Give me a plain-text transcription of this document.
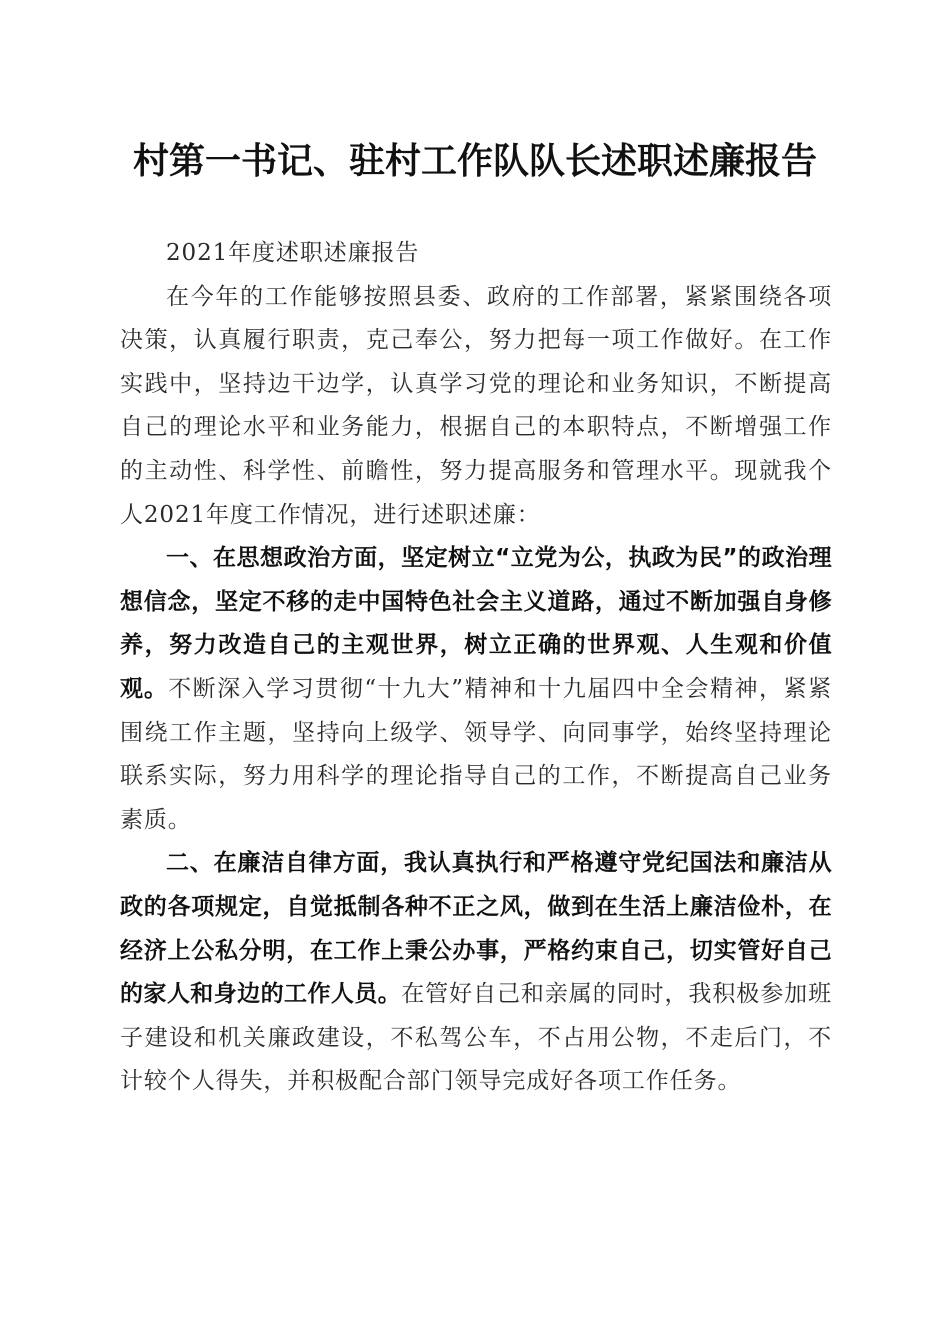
村第一书记、驻村工作队队长述职述廉报告

2021年度述职述廉报告

在今年的工作能够按照县委、政府的工作部署，紧紧围绕各项决策，认真履行职责，克己奉公，努力把每一项工作做好。在工作实践中，坚持边干边学，认真学习党的理论和业务知识，不断提高自己的理论水平和业务能力，根据自己的本职特点，不断增强工作的主动性、科学性、前瞻性，努力提高服务和管理水平。现就我个人2021年度工作情况，进行述职述廉：

一、在思想政治方面，坚定树立“立党为公，执政为民”的政治理想信念，坚定不移的走中国特色社会主义道路，通过不断加强自身修养，努力改造自己的主观世界，树立正确的世界观、人生观和价值观。不断深入学习贯彻“十九大”精神和十九届四中全会精神，紧紧围绕工作主题，坚持向上级学、领导学、向同事学，始终坚持理论联系实际，努力用科学的理论指导自己的工作，不断提高自己业务素质。

二、在廉洁自律方面，我认真执行和严格遵守党纪国法和廉洁从政的各项规定，自觉抵制各种不正之风，做到在生活上廉洁俭朴，在经济上公私分明，在工作上秉公办事，严格约束自己，切实管好自己的家人和身边的工作人员。在管好自己和亲属的同时，我积极参加班子建设和机关廉政建设，不私驾公车，不占用公物，不走后门，不计较个人得失，并积极配合部门领导完成好各项工作任务。
